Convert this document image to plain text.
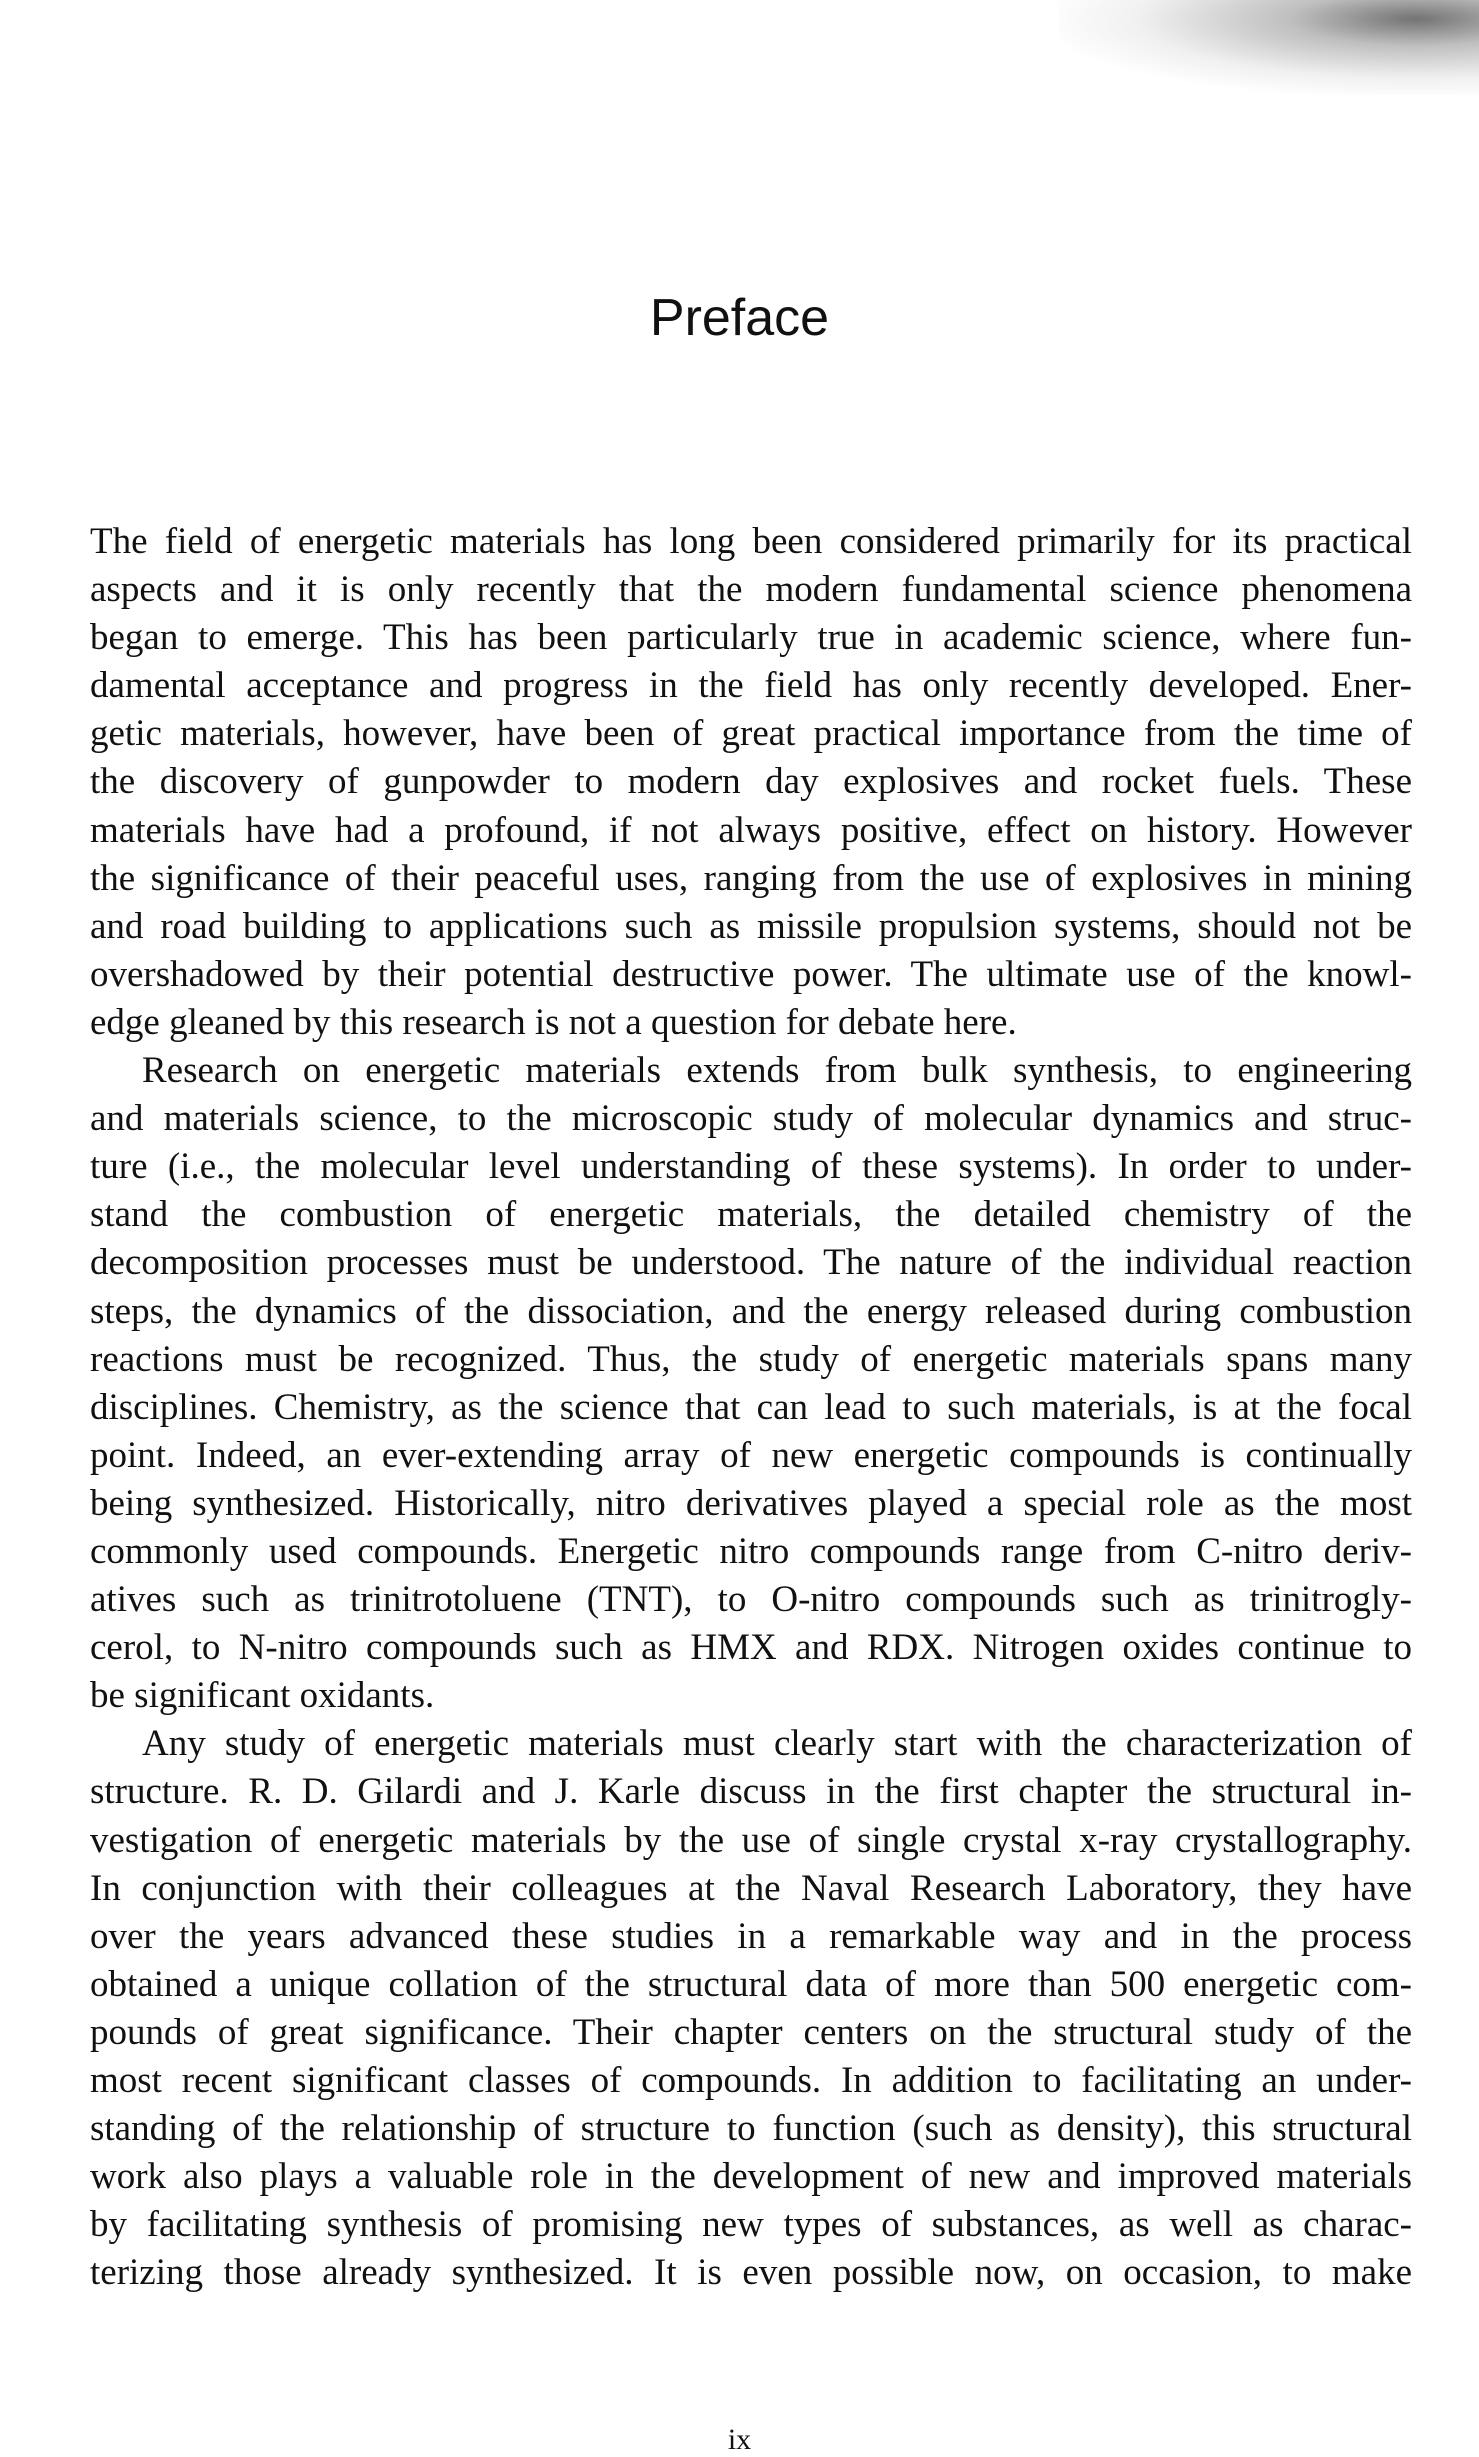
Preface

The field of energetic materials has long been considered primarily for its practical
aspects and it is only recently that the modern fundamental science phenomena
began to emerge. This has been particularly true in academic science, where fun-
damental acceptance and progress in the field has only recently developed. Ener-
getic materials, however, have been of great practical importance from the time of
the discovery of gunpowder to modern day explosives and rocket fuels. These
materials have had a profound, if not always positive, effect on history. However
the significance of their peaceful uses, ranging from the use of explosives in mining
and road building to applications such as missile propulsion systems, should not be
overshadowed by their potential destructive power. The ultimate use of the knowl-
edge gleaned by this research is not a question for debate here.

Research on energetic materials extends from bulk synthesis, to engineering
and materials science, to the microscopic study of molecular dynamics and struc-
ture (i.e., the molecular level understanding of these systems). In order to under-
stand the combustion of energetic materials, the detailed chemistry of the
decomposition processes must be understood. The nature of the individual reaction
steps, the dynamics of the dissociation, and the energy released during combustion
reactions must be recognized. Thus, the study of energetic materials spans many
disciplines. Chemistry, as the science that can lead to such materials, is at the focal
point. Indeed, an ever-extending array of new energetic compounds is continually
being synthesized. Historically, nitro derivatives played a special role as the most
commonly used compounds. Energetic nitro compounds range from C-nitro deriv-
atives such as trinitrotoluene (TNT), to O-nitro compounds such as trinitrogly-
cerol, to N-nitro compounds such as HMX and RDX. Nitrogen oxides continue to
be significant oxidants.

Any study of energetic materials must clearly start with the characterization of
structure. R. D. Gilardi and J. Karle discuss in the first chapter the structural in-
vestigation of energetic materials by the use of single crystal x-ray crystallography.
In conjunction with their colleagues at the Naval Research Laboratory, they have
over the years advanced these studies in a remarkable way and in the process
obtained a unique collation of the structural data of more than 500 energetic com-
pounds of great significance. Their chapter centers on the structural study of the
most recent significant classes of compounds. In addition to facilitating an under-
standing of the relationship of structure to function (such as density), this structural
work also plays a valuable role in the development of new and improved materials
by facilitating synthesis of promising new types of substances, as well as charac-
terizing those already synthesized. It is even possible now, on occasion, to make

ix
